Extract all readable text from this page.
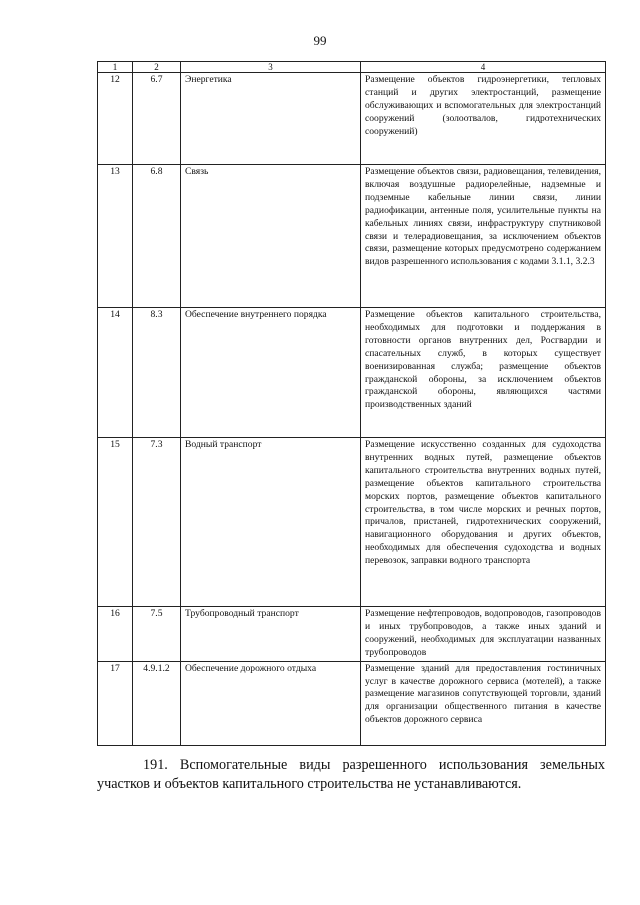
99
1	2	3	4
12	6.7	Энергетика	Размещение объектов гидроэнергетики, тепловых станций и других электростанций, размещение обслуживающих и вспомогательных для электростанций сооружений (золоотвалов, гидротехнических сооружений)
13	6.8	Связь	Размещение объектов связи, радиовещания, телевидения, включая воздушные радиорелейные, надземные и подземные кабельные линии связи, линии радиофикации, антенные поля, усилительные пункты на кабельных линиях связи, инфраструктуру спутниковой связи и телерадиовещания, за исключением объектов связи, размещение которых предусмотрено содержанием видов разрешенного использования с кодами 3.1.1, 3.2.3
14	8.3	Обеспечение внутреннего порядка	Размещение объектов капитального строительства, необходимых для подготовки и поддержания в готовности органов внутренних дел, Росгвардии и спасательных служб, в которых существует военизированная служба; размещение объектов гражданской обороны, за исключением объектов гражданской обороны, являющихся частями производственных зданий
15	7.3	Водный транспорт	Размещение искусственно созданных для судоходства внутренних водных путей, размещение объектов капитального строительства внутренних водных путей, размещение объектов капитального строительства морских портов, размещение объектов капитального строительства, в том числе морских и речных портов, причалов, пристаней, гидротехнических сооружений, навигационного оборудования и других объектов, необходимых для обеспечения судоходства и водных перевозок, заправки водного транспорта
16	7.5	Трубопроводный транспорт	Размещение нефтепроводов, водопроводов, газопроводов и иных трубопроводов, а также иных зданий и сооружений, необходимых для эксплуатации названных трубопроводов
17	4.9.1.2	Обеспечение дорожного отдыха	Размещение зданий для предоставления гостиничных услуг в качестве дорожного сервиса (мотелей), а также размещение магазинов сопутствующей торговли, зданий для организации общественного питания в качестве объектов дорожного сервиса

191. Вспомогательные виды разрешенного использования земельных участков и объектов капитального строительства не устанавливаются.
